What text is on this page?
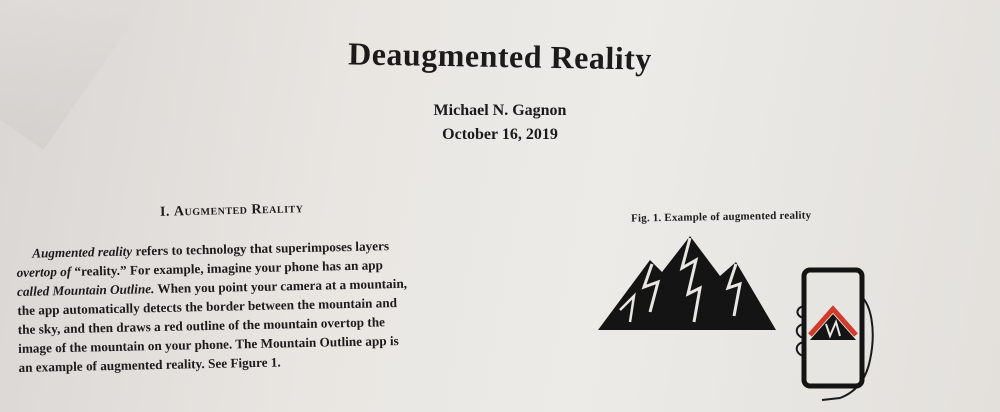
Deaugmented Reality
Michael N. Gagnon
October 16, 2019
I. Augmented Reality
Augmented reality refers to technology that superimposes layers
overtop of “reality.” For example, imagine your phone has an app
called Mountain Outline. When you point your camera at a mountain,
the app automatically detects the border between the mountain and
the sky, and then draws a red outline of the mountain overtop the
image of the mountain on your phone. The Mountain Outline app is
an example of augmented reality. See Figure 1.
Fig. 1. Example of augmented reality
